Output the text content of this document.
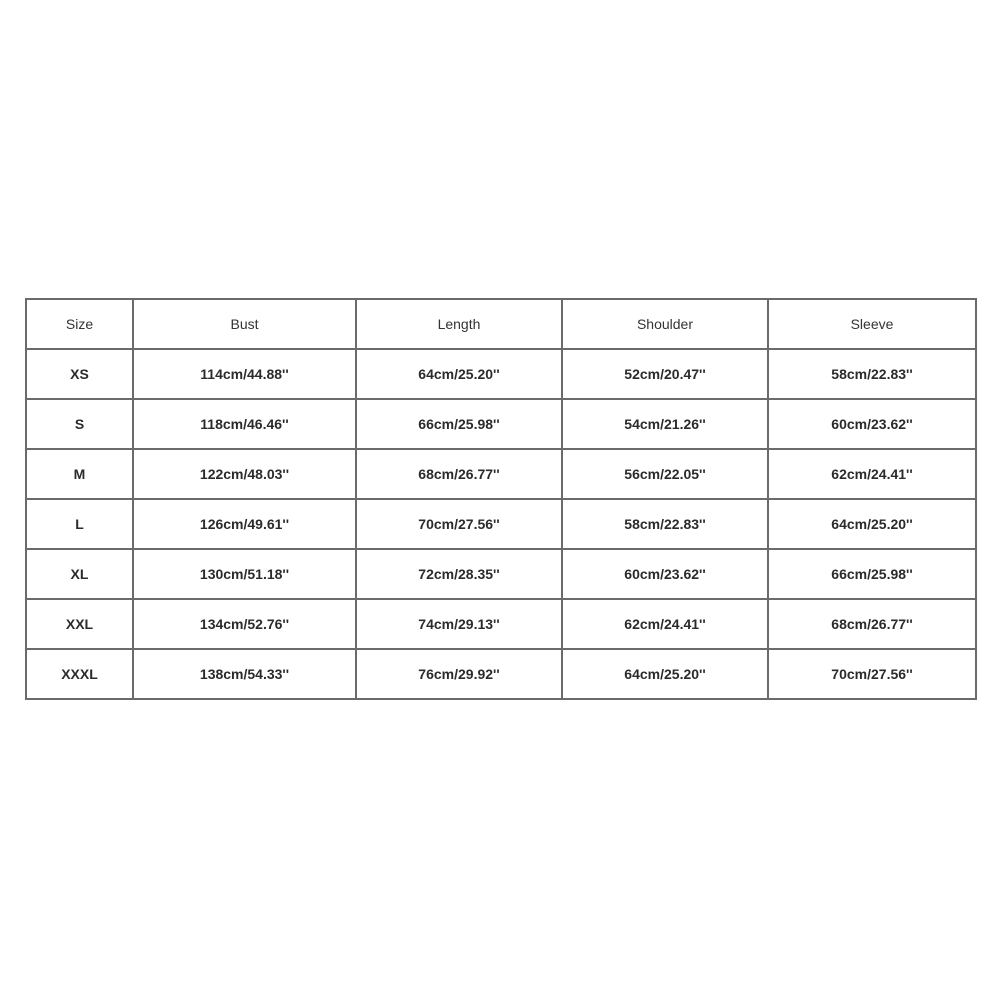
Size	Bust	Length	Shoulder	Sleeve
XS	114cm/44.88''	64cm/25.20''	52cm/20.47''	58cm/22.83''
S	118cm/46.46''	66cm/25.98''	54cm/21.26''	60cm/23.62''
M	122cm/48.03''	68cm/26.77''	56cm/22.05''	62cm/24.41''
L	126cm/49.61''	70cm/27.56''	58cm/22.83''	64cm/25.20''
XL	130cm/51.18''	72cm/28.35''	60cm/23.62''	66cm/25.98''
XXL	134cm/52.76''	74cm/29.13''	62cm/24.41''	68cm/26.77''
XXXL	138cm/54.33''	76cm/29.92''	64cm/25.20''	70cm/27.56''
